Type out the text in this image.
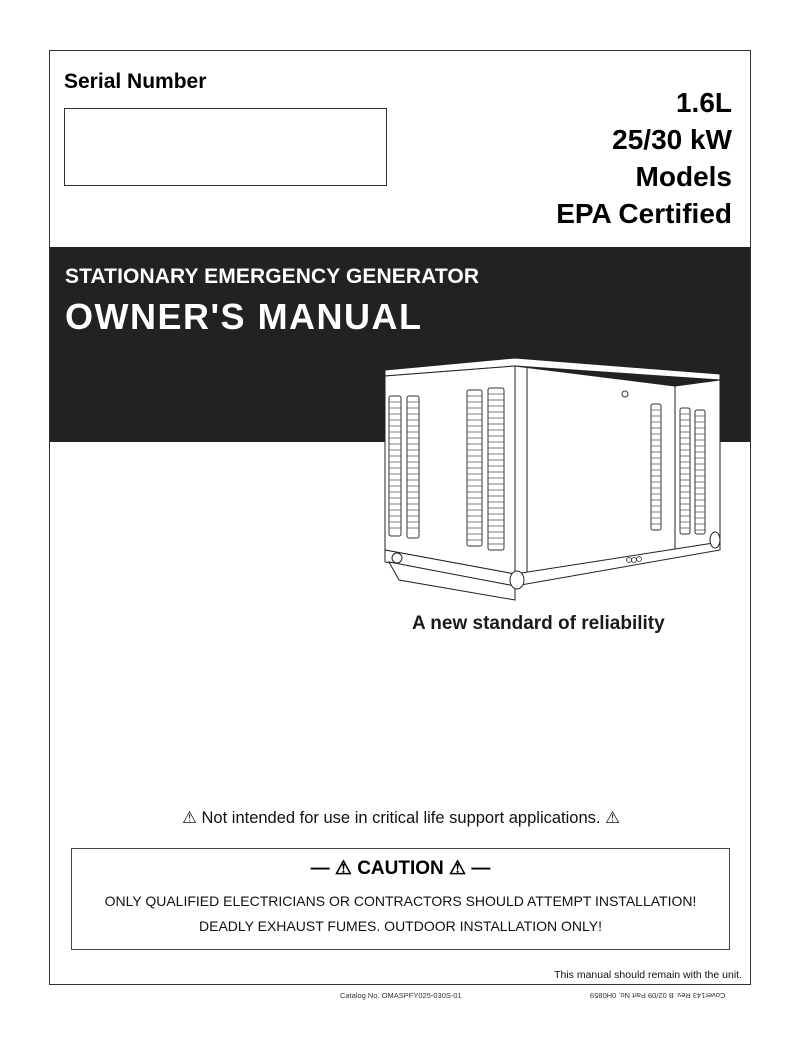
Serial Number
1.6L
25/30 kW
Models
EPA Certified
STATIONARY EMERGENCY GENERATOR
OWNER'S MANUAL
A new standard of reliability
⚠ Not intended for use in critical life support applications. ⚠
— ⚠ CAUTION ⚠ —
ONLY QUALIFIED ELECTRICIANS OR CONTRACTORS SHOULD ATTEMPT INSTALLATION!
DEADLY EXHAUST FUMES. OUTDOOR INSTALLATION ONLY!
This manual should remain with the unit.
Catalog No. OMASPFY025-030S-01	Cover143 Rev. B 02/09 Part No. 0H0859
